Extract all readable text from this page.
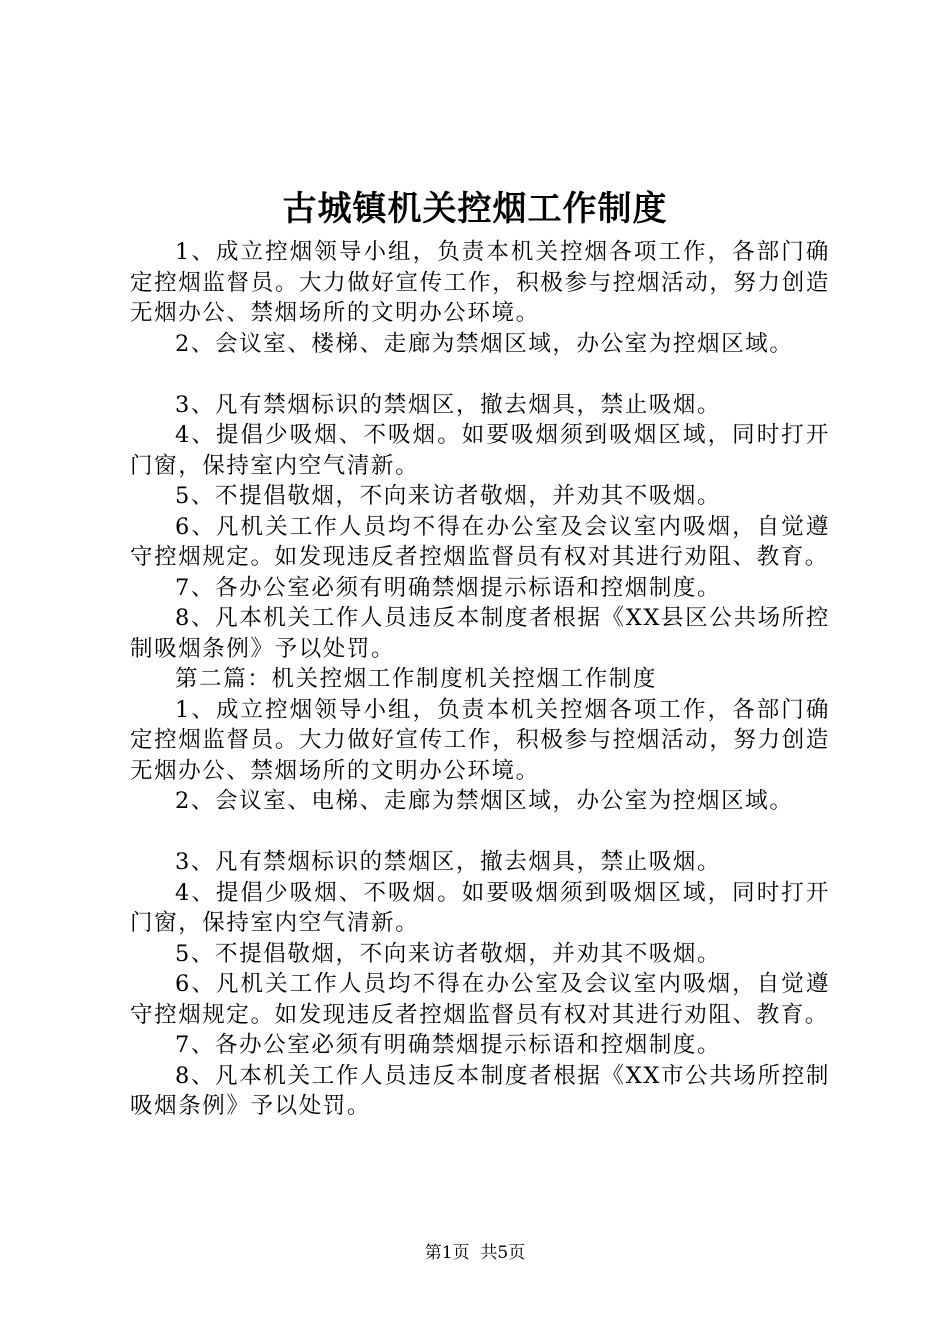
古城镇机关控烟工作制度

1、成立控烟领导小组，负责本机关控烟各项工作，各部门确定控烟监督员。大力做好宣传工作，积极参与控烟活动，努力创造无烟办公、禁烟场所的文明办公环境。

2、会议室、楼梯、走廊为禁烟区域，办公室为控烟区域。

3、凡有禁烟标识的禁烟区，撤去烟具，禁止吸烟。

4、提倡少吸烟、不吸烟。如要吸烟须到吸烟区域，同时打开门窗，保持室内空气清新。

5、不提倡敬烟，不向来访者敬烟，并劝其不吸烟。

6、凡机关工作人员均不得在办公室及会议室内吸烟，自觉遵守控烟规定。如发现违反者控烟监督员有权对其进行劝阻、教育。

7、各办公室必须有明确禁烟提示标语和控烟制度。

8、凡本机关工作人员违反本制度者根据《XX县区公共场所控制吸烟条例》予以处罚。

第二篇：机关控烟工作制度机关控烟工作制度

1、成立控烟领导小组，负责本机关控烟各项工作，各部门确定控烟监督员。大力做好宣传工作，积极参与控烟活动，努力创造无烟办公、禁烟场所的文明办公环境。

2、会议室、电梯、走廊为禁烟区域，办公室为控烟区域。

3、凡有禁烟标识的禁烟区，撤去烟具，禁止吸烟。

4、提倡少吸烟、不吸烟。如要吸烟须到吸烟区域，同时打开门窗，保持室内空气清新。

5、不提倡敬烟，不向来访者敬烟，并劝其不吸烟。

6、凡机关工作人员均不得在办公室及会议室内吸烟，自觉遵守控烟规定。如发现违反者控烟监督员有权对其进行劝阻、教育。

7、各办公室必须有明确禁烟提示标语和控烟制度。

8、凡本机关工作人员违反本制度者根据《XX市公共场所控制吸烟条例》予以处罚。

第1页  共5页
